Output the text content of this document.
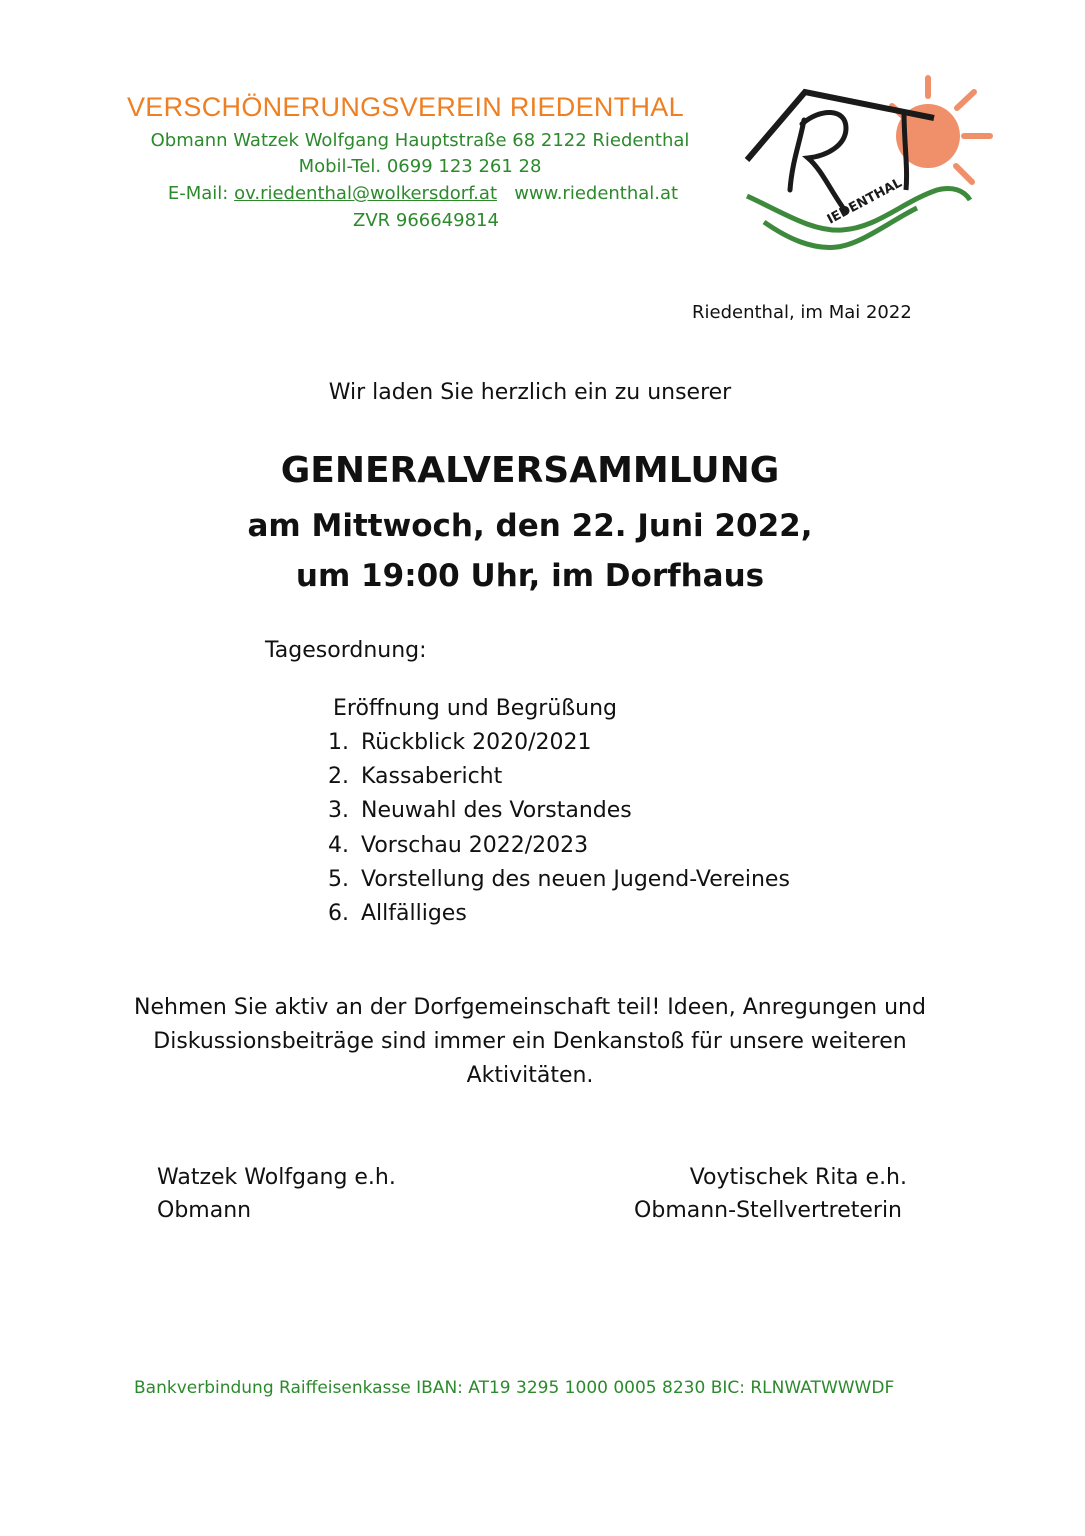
VERSCHÖNERUNGSVEREIN RIEDENTHAL
Obmann Watzek Wolfgang Hauptstraße 68 2122 Riedenthal
Mobil-Tel. 0699 123 261 28
E-Mail: ov.riedenthal@wolkersdorf.at www.riedenthal.at
ZVR 966649814	IEDENTHAL
Riedenthal, im Mai 2022
Wir laden Sie herzlich ein zu unserer
GENERALVERSAMMLUNG
am Mittwoch, den 22. Juni 2022,
um 19:00 Uhr, im Dorfhaus
Tagesordnung:
Eröffnung und Begrüßung
1. Rückblick 2020/2021
2. Kassabericht
3. Neuwahl des Vorstandes
4. Vorschau 2022/2023
5. Vorstellung des neuen Jugend-Vereines
6. Allfälliges
Nehmen Sie aktiv an der Dorfgemeinschaft teil! Ideen, Anregungen und
Diskussionsbeiträge sind immer ein Denkanstoß für unsere weiteren
Aktivitäten.
Watzek Wolfgang e.h.
Obmann
Voytischek Rita e.h.
Obmann-Stellvertreterin
Bankverbindung Raiffeisenkasse IBAN: AT19 3295 1000 0005 8230 BIC: RLNWATWWWDF
